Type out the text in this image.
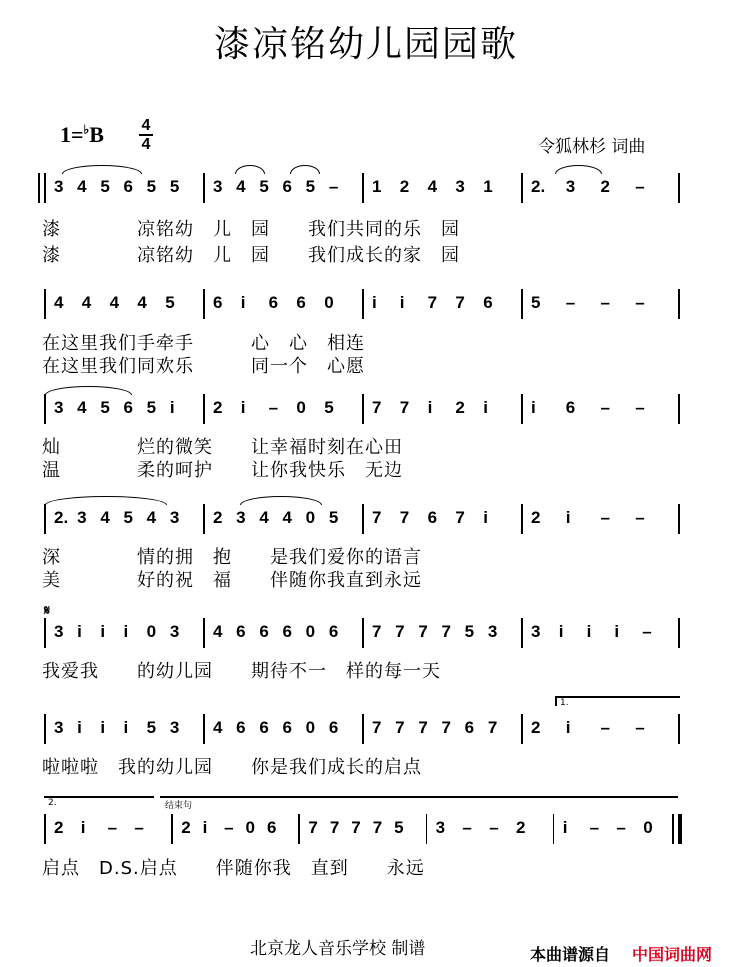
漆凉铭幼儿园园歌
1=♭B 4
4	令狐林杉 词曲
3 4 5 6 5 5 3 4 5 6 5 – 1 2 4 3 1 2. 3 2 –
漆　　　　凉铭幼　儿　园　　我们共同的乐　园
漆　　　　凉铭幼　儿　园　　我们成长的家　园
4 4 4 4 5 6 i 6 6 0 i i 7 7 6 5 – – –
在这里我们手牵手　　　心　心　相连
在这里我们同欢乐　　　同一个　心愿
3 4 5 6 5 i 2 i – 0 5 7 7 i 2 i	i 6 – –
灿　　　　烂的微笑　　让幸福时刻在心田
温　　　　柔的呵护　　让你我快乐　无边
2. 3 4 5 4 3 2 3 4 4 0 5 7 7 6 7 i	2 i – –
深　　　　情的拥　抱　　是我们爱你的语言
美　　　　好的祝　福　　伴随你我直到永远
3 i i i 0 3 4 6 6 6 0 6 7 7 7 7 5 3 3 i i i –
我爱我　　的幼儿园　　期待不一　样的每一天
𝄋
3 i i i 5 3 4 6 6 6 0 6 7 7 7 7 6 7 2 i – –
啦啦啦　我的幼儿园　　你是我们成长的启点
1.
2 i – – 2 i – 0 6 7 7 7 7 5 3 – – 2 i – – 0
启点　D.S.启点　　伴随你我　直到　　永远
2.	结束句
北京龙人音乐学校 制谱	本曲谱源自 中国词曲网
